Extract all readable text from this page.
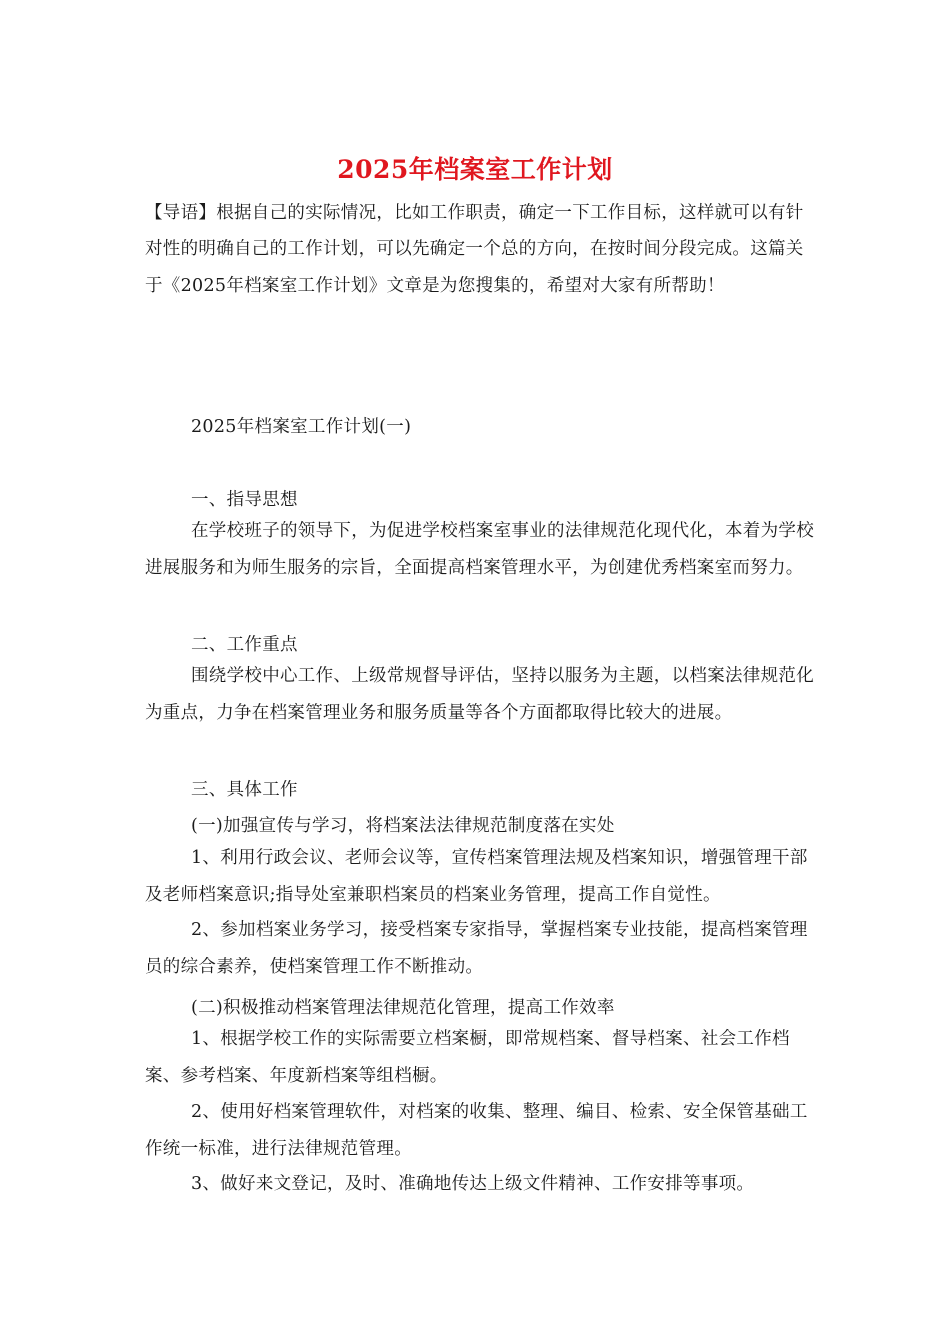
2025年档案室工作计划

【导语】根据自己的实际情况，比如工作职责，确定一下工作目标，这样就可以有针对性的明确自己的工作计划，可以先确定一个总的方向，在按时间分段完成。这篇关于《2025年档案室工作计划》文章是为您搜集的，希望对大家有所帮助！

2025年档案室工作计划(一)

一、指导思想

在学校班子的领导下，为促进学校档案室事业的法律规范化现代化，本着为学校进展服务和为师生服务的宗旨，全面提高档案管理水平，为创建优秀档案室而努力。

二、工作重点

围绕学校中心工作、上级常规督导评估，坚持以服务为主题，以档案法律规范化为重点，力争在档案管理业务和服务质量等各个方面都取得比较大的进展。

三、具体工作

(一)加强宣传与学习，将档案法法律规范制度落在实处

1、利用行政会议、老师会议等，宣传档案管理法规及档案知识，增强管理干部及老师档案意识;指导处室兼职档案员的档案业务管理，提高工作自觉性。

2、参加档案业务学习，接受档案专家指导，掌握档案专业技能，提高档案管理员的综合素养，使档案管理工作不断推动。

(二)积极推动档案管理法律规范化管理，提高工作效率

1、根据学校工作的实际需要立档案橱，即常规档案、督导档案、社会工作档案、参考档案、年度新档案等组档橱。

2、使用好档案管理软件，对档案的收集、整理、编目、检索、安全保管基础工作统一标准，进行法律规范管理。

3、做好来文登记，及时、准确地传达上级文件精神、工作安排等事项。
